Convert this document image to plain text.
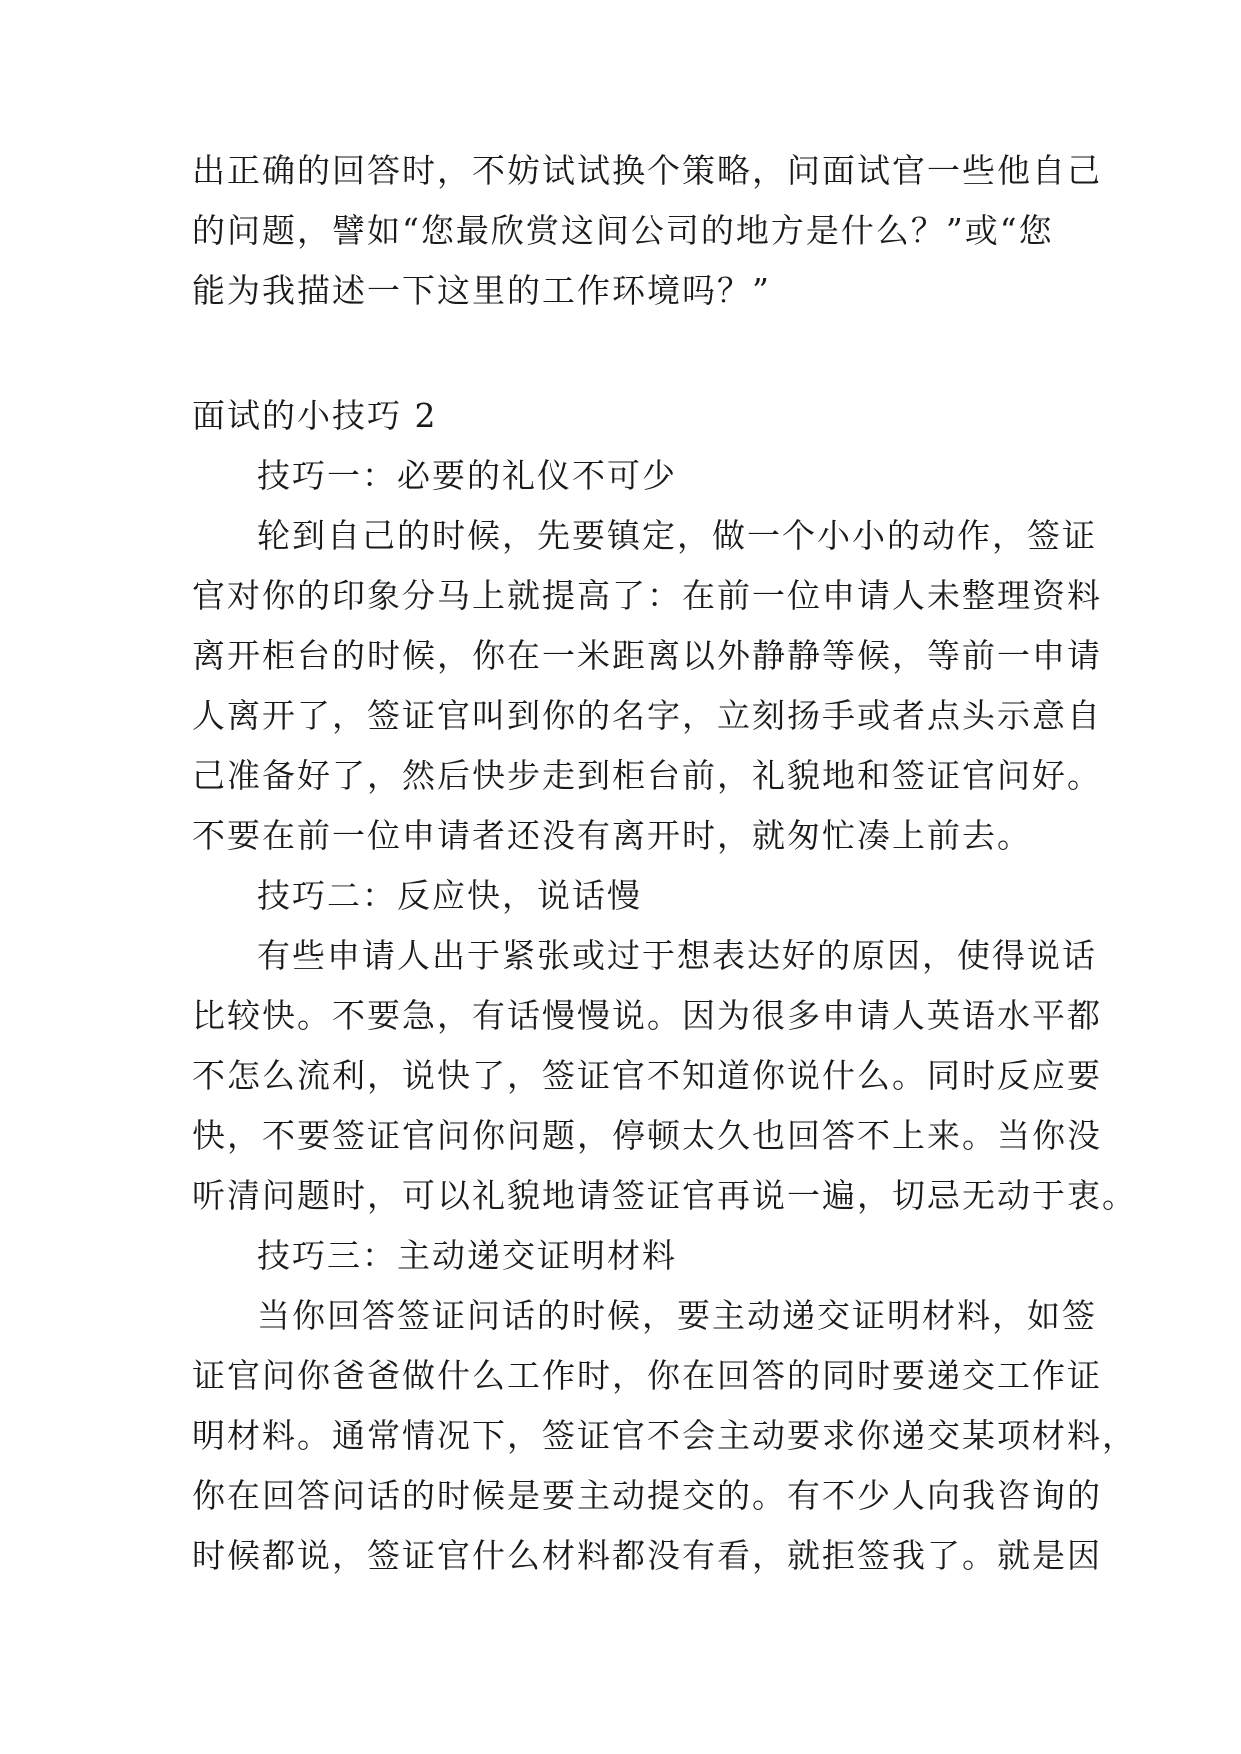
出正确的回答时，不妨试试换个策略，问面试官一些他自己
的问题，譬如“您最欣赏这间公司的地方是什么？”或“您
能为我描述一下这里的工作环境吗？”
面试的小技巧 2
技巧一：必要的礼仪不可少
轮到自己的时候，先要镇定，做一个小小的动作，签证
官对你的印象分马上就提高了：在前一位申请人未整理资料
离开柜台的时候，你在一米距离以外静静等候，等前一申请
人离开了，签证官叫到你的名字，立刻扬手或者点头示意自
己准备好了，然后快步走到柜台前，礼貌地和签证官问好。
不要在前一位申请者还没有离开时，就匆忙凑上前去。
技巧二：反应快，说话慢
有些申请人出于紧张或过于想表达好的原因，使得说话
比较快。不要急，有话慢慢说。因为很多申请人英语水平都
不怎么流利，说快了，签证官不知道你说什么。同时反应要
快，不要签证官问你问题，停顿太久也回答不上来。当你没
听清问题时，可以礼貌地请签证官再说一遍，切忌无动于衷。
技巧三：主动递交证明材料
当你回答签证问话的时候，要主动递交证明材料，如签
证官问你爸爸做什么工作时，你在回答的同时要递交工作证
明材料。通常情况下，签证官不会主动要求你递交某项材料，
你在回答问话的时候是要主动提交的。有不少人向我咨询的
时候都说，签证官什么材料都没有看，就拒签我了。就是因
